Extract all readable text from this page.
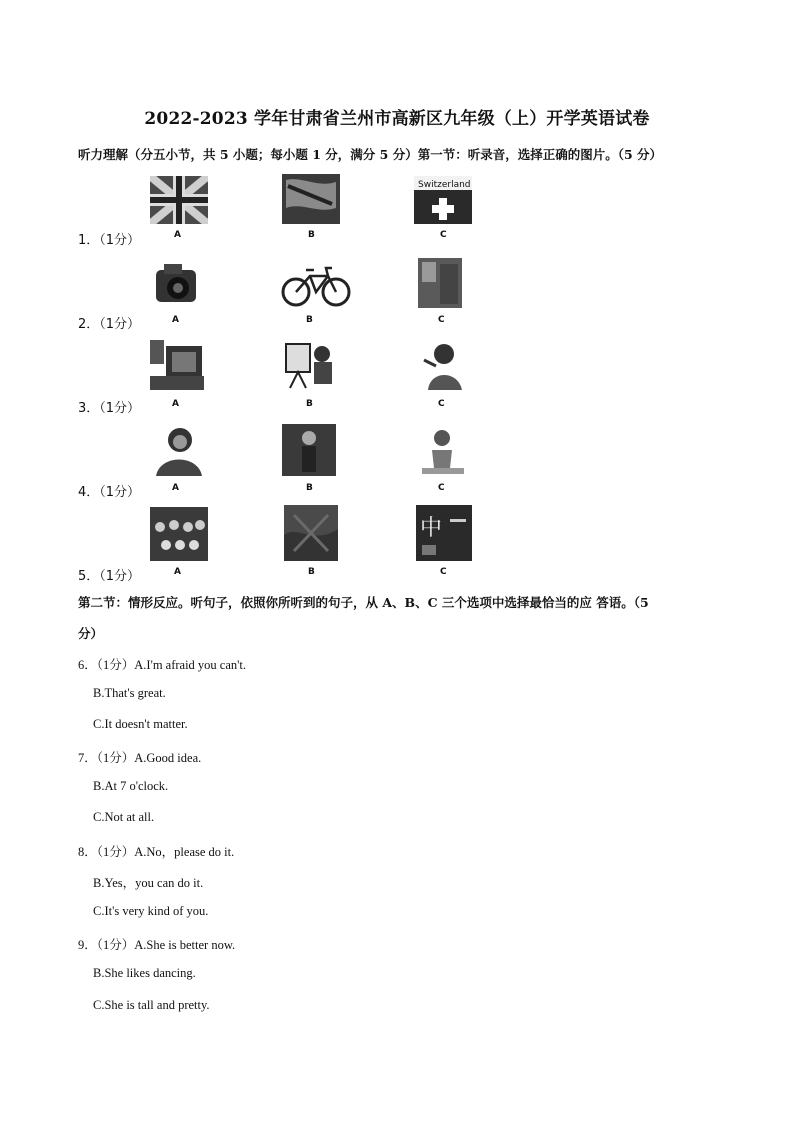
2022-2023 学年甘肃省兰州市高新区九年级（上）开学英语试卷
听力理解（分五小节，共 5 小题；每小题 1 分，满分 5 分）第一节：听录音，选择正确的图片。（5 分）
Switzerland
A	B	C
1．（1分）
A	B	C
2．（1分）
A	B	C
3．（1分）
A	B	C
4．（1分）
中
A	B	C
5．（1分）
第二节：情形反应。听句子，依照你所听到的句子，从 A、B、C 三个选项中选择最恰当的应 答语。（5
分）
6．（1分）A.I'm afraid you can't.
B.That's great.
C.It doesn't matter.
7．（1分）A.Good idea.
B.At 7 o'clock.
C.Not at all.
8．（1分）A.No，please do it.
B.Yes，you can do it.
C.It's very kind of you.
9．（1分）A.She is better now.
B.She likes dancing.
C.She is tall and pretty.
